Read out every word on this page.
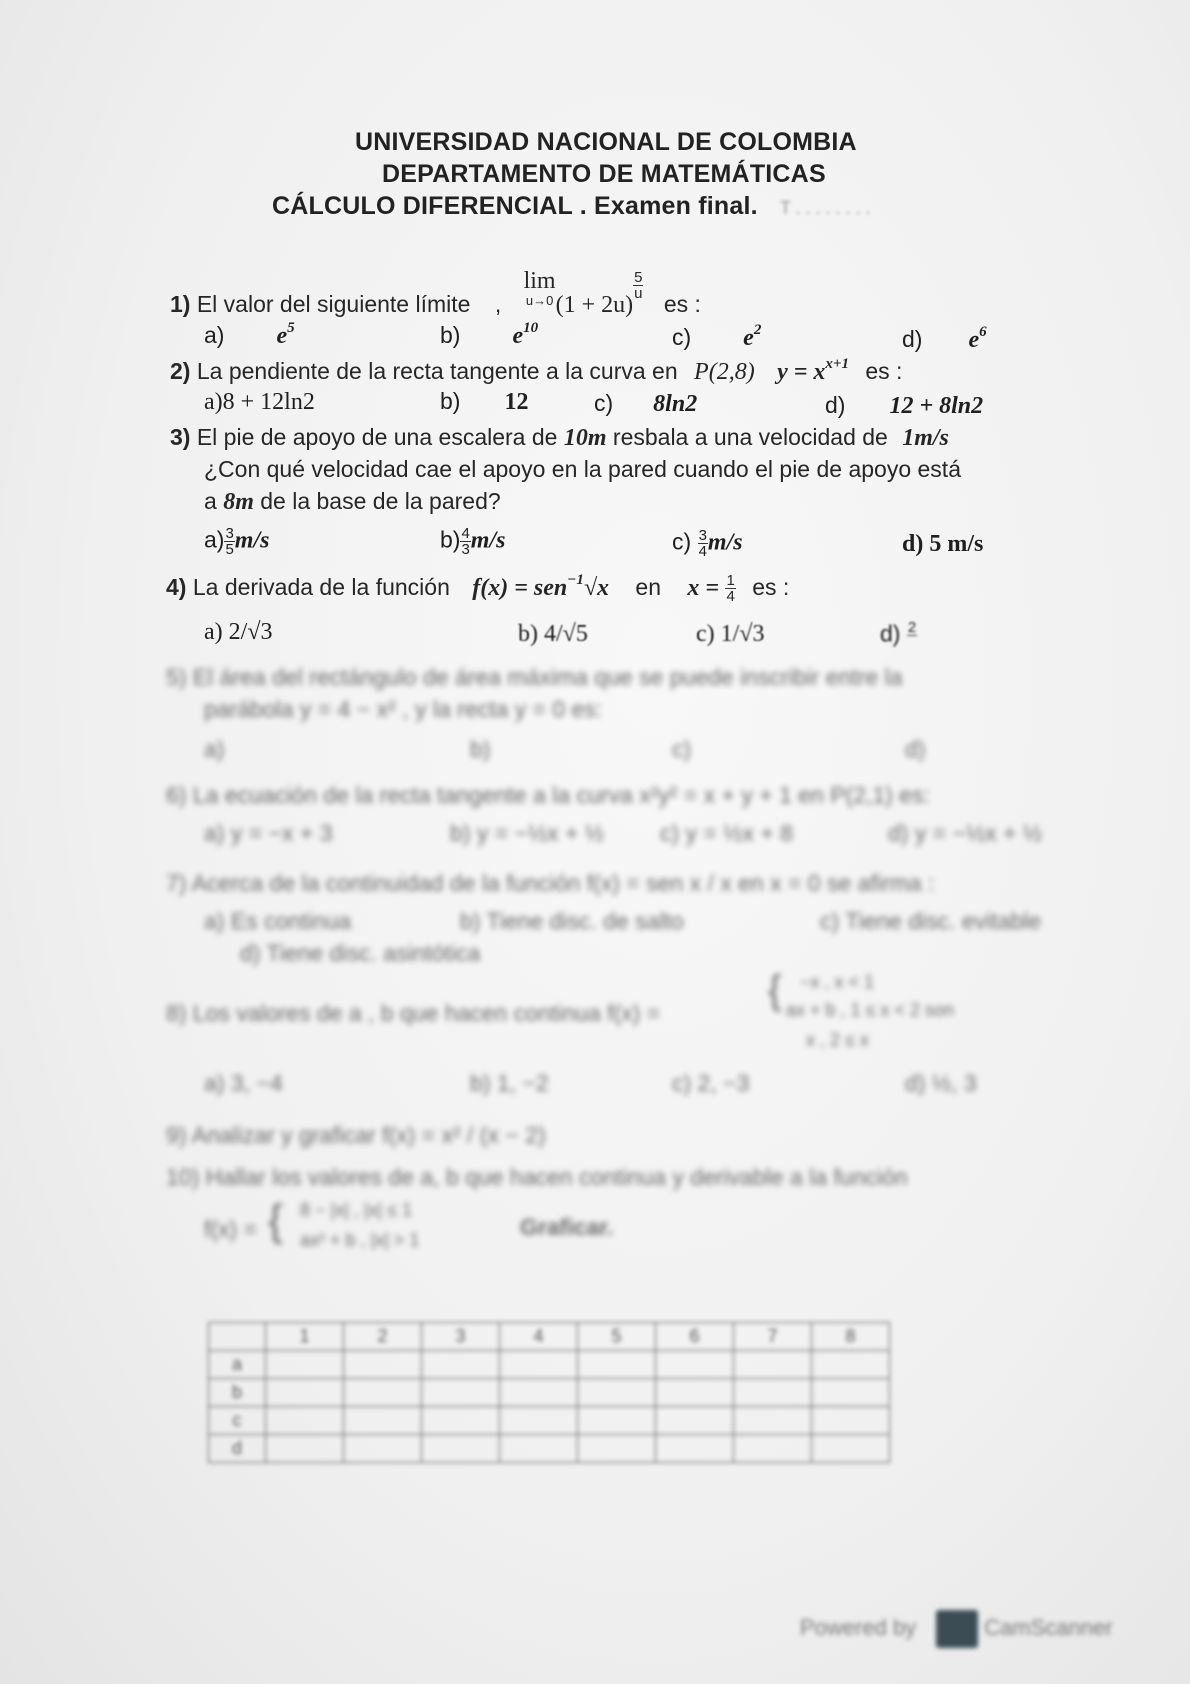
UNIVERSIDAD NACIONAL DE COLOMBIA
DEPARTAMENTO DE MATEMÁTICAS
CÁLCULO DIFERENCIAL . Examen final. T . . . . . . . .
1) El valor del siguiente límite , lim
u→0 (1 + 2u)
$\frac{5}{u}$
es :
a) $e^5$	b) $e^{10}$	c) $e^2$	d) $e^6$
2) La pendiente de la recta tangente a la curva en P(2,8) $y = x^{x+1}$ es :
a)8 + 12ln2	b) 12	c) 8ln2	d) 12 + 8ln2
3) El pie de apoyo de una escalera de 10m resbala a una velocidad de 1m/s
¿Con qué velocidad cae el apoyo en la pared cuando el pie de apoyo está
a 8m de la base de la pared?
$a) \frac{3}{5} m/s$	$b) \frac{4}{3} m/s$	$c) \frac{3}{4} m/s$	d) 5 m/s
4) La derivada de la función f(x) = sen$^{-1}$√x en $x = \frac{1}{4}$ es :
a) 2/√3	b) 4/√5	c) 1/√3	d) 2

5) El área del rectángulo de área máxima que se puede inscribir entre la
parábola y = 4 − x² , y la recta y = 0 es:
a)	b)	c)	d)
6) La ecuación de la recta tangente a la curva x²y² = x + y + 1 en P(2,1) es:
a) y = −x + 3	b) y = −½x + ½ c) y = ½x + 8	d) y = −½x + ½
7) Acerca de la continuidad de la función f(x) = sen x / x en x = 0 se afirma :
a) Es continua	b) Tiene disc. de salto	c) Tiene disc. evitable
d) Tiene disc. asintótica
8) Los valores de a , b que hacen continua f(x) =
{ −x , x < 1
ax + b , 1 ≤ x < 2 son
x , 2 ≤ x
a) 3, −4	b) 1, −2	c) 2, −3	d) ½, 3
9) Analizar y graficar f(x) = x² / (x − 2)
10) Hallar los valores de a, b que hacen continua y derivable a la función
f(x) = { 8 − |x| , |x| ≤ 1
ax² + b , |x| > 1	Graficar.
	1	2	3	4	5	6	7	8
a								
b								
c								
d								
Powered by	CamScanner
